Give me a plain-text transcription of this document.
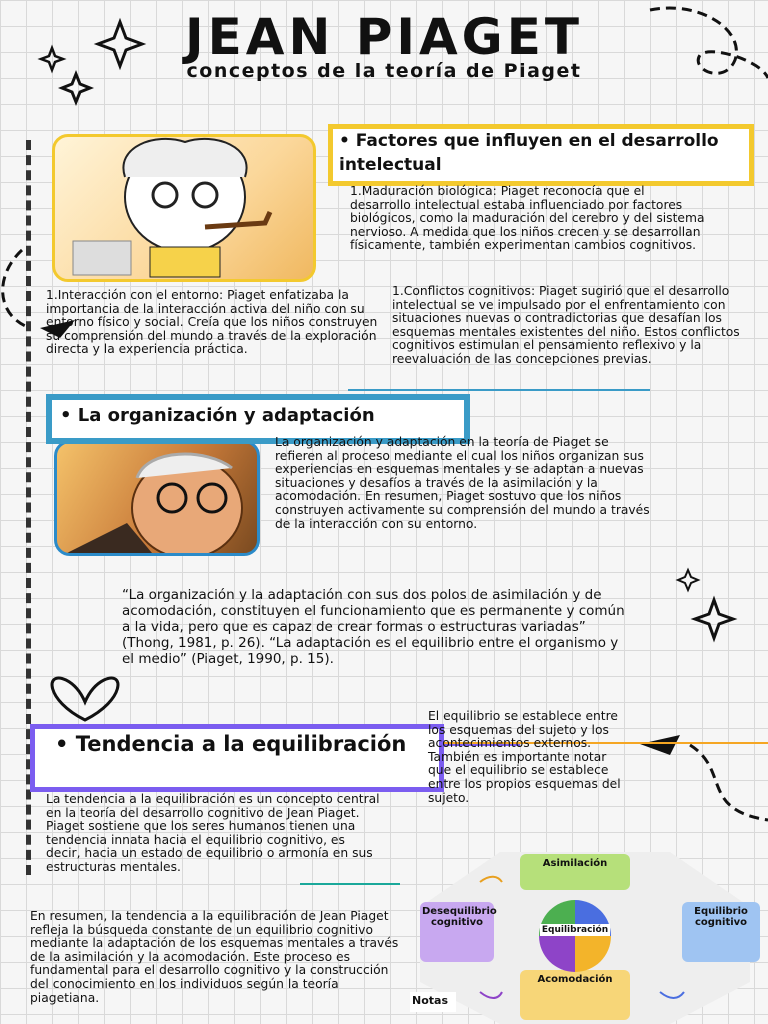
JEAN PIAGET
conceptos de la teoría de Piaget
• Factores que influyen en el desarrollo intelectual
1.Maduración biológica: Piaget reconocía que el desarrollo intelectual estaba influenciado por factores biológicos, como la maduración del cerebro y del sistema nervioso. A medida que los niños crecen y se desarrollan físicamente, también experimentan cambios cognitivos.
1.Interacción con el entorno: Piaget enfatizaba la importancia de la interacción activa del niño con su entorno físico y social. Creía que los niños construyen su comprensión del mundo a través de la exploración directa y la experiencia práctica.
1.Conflictos cognitivos: Piaget sugirió que el desarrollo intelectual se ve impulsado por el enfrentamiento con situaciones nuevas o contradictorias que desafían los esquemas mentales existentes del niño. Estos conflictos cognitivos estimulan el pensamiento reflexivo y la reevaluación de las concepciones previas.
• La organización y adaptación
La organización y adaptación en la teoría de Piaget se refieren al proceso mediante el cual los niños organizan sus experiencias en esquemas mentales y se adaptan a nuevas situaciones y desafíos a través de la asimilación y la acomodación. En resumen, Piaget sostuvo que los niños construyen activamente su comprensión del mundo a través de la interacción con su entorno.
“La organización y la adaptación con sus dos polos de asimilación y de acomodación, constituyen el funcionamiento que es permanente y común a la vida, pero que es capaz de crear formas o estructuras variadas” (Thong, 1981, p. 26). “La adaptación es el equilibrio entre el organismo y el medio” (Piaget, 1990, p. 15).
• Tendencia a la equilibración
El equilibrio se establece entre los esquemas del sujeto y los acontecimientos externos. También es importante notar que el equilibrio se establece entre los propios esquemas del sujeto.
La tendencia a la equilibración es un concepto central en la teoría del desarrollo cognitivo de Jean Piaget. Piaget sostiene que los seres humanos tienen una tendencia innata hacia el equilibrio cognitivo, es decir, hacia un estado de equilibrio o armonía en sus estructuras mentales.
En resumen, la tendencia a la equilibración de Jean Piaget refleja la búsqueda constante de un equilibrio cognitivo mediante la adaptación de los esquemas mentales a través de la asimilación y la acomodación. Este proceso es fundamental para el desarrollo cognitivo y la construcción del conocimiento en los individuos según la teoría piagetiana.
Asimilación
Desequilibrio cognitivo
Equilibrio cognitivo
Equilibración
Acomodación
Notas
